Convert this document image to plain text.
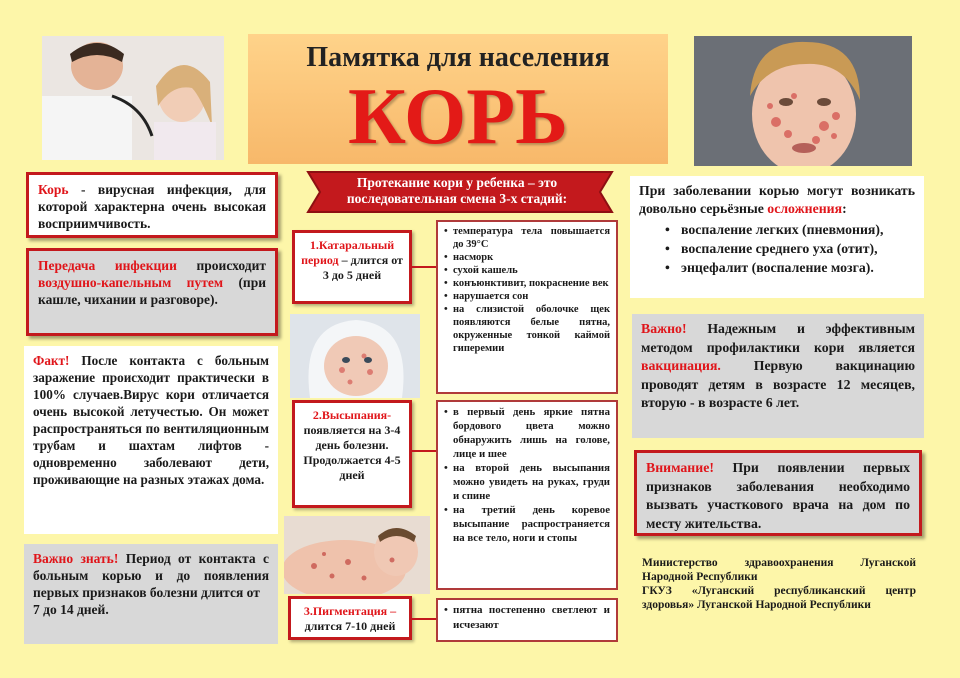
Памятка для населения
КОРЬ

Корь - вирусная инфекция, для которой характерна очень высокая восприимчивость.

Передача инфекции происходит воздушно-капельным путем (при кашле, чихании и разговоре).

Факт! После контакта с больным заражение происходит практически в 100% случаев.Вирус кори отличается очень высокой летучестью. Он может распространяться по вентиляционным трубам и шахтам лифтов - одновременно заболевают дети, проживающие на разных этажах дома.

Важно знать! Период от контакта с больным корью и до появления первых признаков болезни длится от

7 до 14 дней.

Протекание кори у ребенка – это последовательная смена 3-х стадий:
1.Катаральный период – длится от 3 до 5 дней
• температура тела повышается до 39°C
• насморк
• сухой кашель
• конъюнктивит, покраснение век
• нарушается сон
• на слизистой оболочке щек появляются белые пятна, окруженные тонкой каймой гиперемии
2.Высыпания-
появляется на 3-4 день болезни. Продолжается 4-5 дней
• в первый день яркие пятна бордового цвета можно обнаружить лишь на голове, лице и шее
• на второй день высыпания можно увидеть на руках, груди и спине
• на третий день коревое высыпание распространяется на все тело, ноги и стопы
3.Пигментация –
длится 7-10 дней
• пятна постепенно светлеют и исчезают

При заболевании корью могут возникать довольно серьёзные осложнения:

• воспаление легких (пневмония),
• воспаление среднего уха (отит),
• энцефалит (воспаление мозга).

Важно! Надежным и эффективным методом профилактики кори является вакцинация. Первую вакцинацию проводят детям в возрасте 12 месяцев, вторую - в возрасте 6 лет.

Внимание! При появлении первых признаков заболевания необходимо вызвать участкового врача на дом по месту жительства.

Министерство здравоохранения Луганской Народной Республики

ГКУЗ «Луганский республиканский центр здоровья» Луганской Народной Республики
